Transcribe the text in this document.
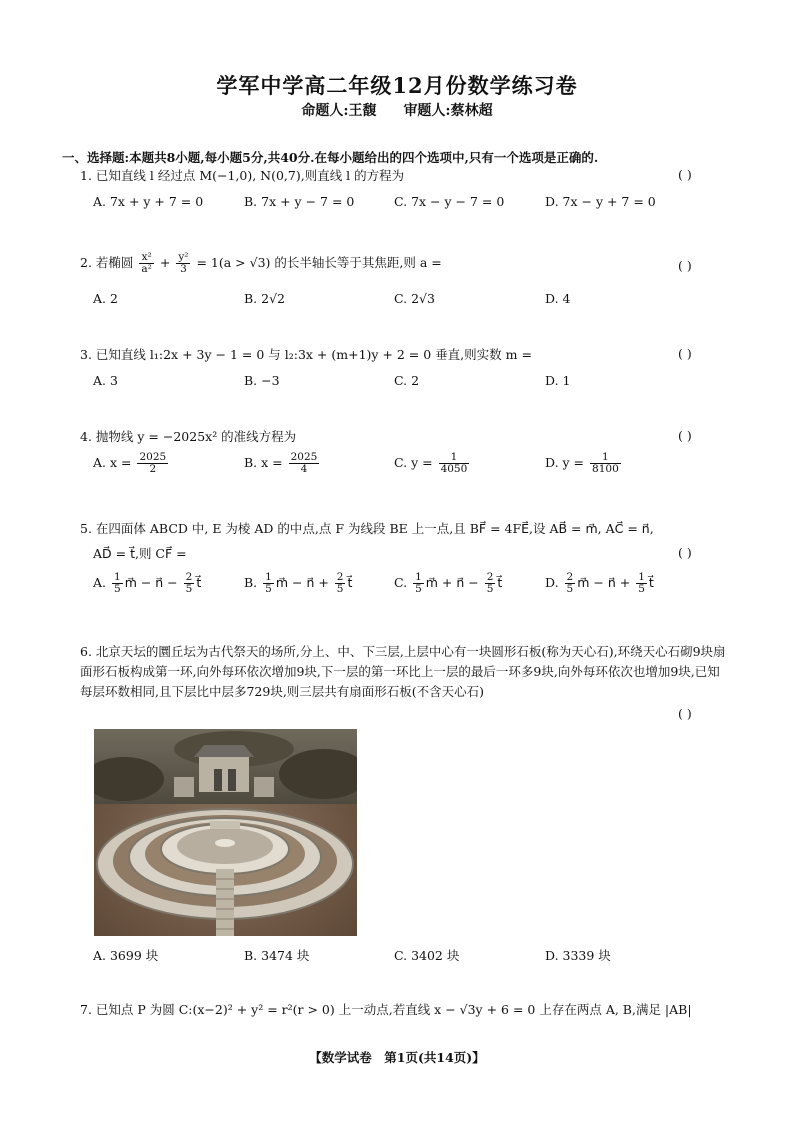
学军中学高二年级12月份数学练习卷
命题人:王馥 审题人:蔡林超
一、选择题:本题共8小题,每小题5分,共40分.在每小题给出的四个选项中,只有一个选项是正确的.
1. 已知直线 l 经过点 M(−1,0), N(0,7),则直线 l 的方程为	( )
A. 7x + y + 7 = 0	B. 7x + y − 7 = 0	C. 7x − y − 7 = 0	D. 7x − y + 7 = 0
2. 若椭圆 $\frac{\text{x²}}{\text{a²}} + \frac{\text{y²}}{3} = 1(a > √3)$ 的长半轴长等于其焦距,则 a =	( )
A. 2	B. 2√2	C. 2√3	D. 4
3. 已知直线 l₁:2x + 3y − 1 = 0 与 l₂:3x + (m+1)y + 2 = 0 垂直,则实数 m =	( )
A. 3	B. −3	C. 2	D. 1
4. 抛物线 y = −2025x² 的准线方程为	( )
A. $x = \frac{2025}{2}$	B. $x = \frac{2025}{4}$	C. $y = \frac{1}{4050}$	D. $y = \frac{1}{8100}$
5. 在四面体 ABCD 中, E 为棱 AD 的中点,点 F 为线段 BE 上一点,且 BF⃗ = 4FE⃗,设 AB⃗ = m⃗, AC⃗ = n⃗,
AD⃗ = t⃗,则 CF⃗ =	( )
A. $\frac{1}{5}$ m⃗ − n⃗ − $\frac{2}{5}$ t⃗	B. $\frac{1}{5}$ m⃗ − n⃗ + $\frac{2}{5}$ t⃗	C. $\frac{1}{5}$ m⃗ + n⃗ − $\frac{2}{5}$ t⃗	D. $\frac{2}{5}$ m⃗ − n⃗ + $\frac{1}{5}$ t⃗
6. 北京天坛的圜丘坛为古代祭天的场所,分上、中、下三层,上层中心有一块圆形石板(称为天心石),环绕天心石砌9块扇面形石板构成第一环,向外每环依次增加9块,下一层的第一环比上一层的最后一环多9块,向外每环依次也增加9块,已知每层环数相同,且下层比中层多729块,则三层共有扇面形石板(不含天心石)
( )
A. 3699 块	B. 3474 块	C. 3402 块	D. 3339 块
7. 已知点 P 为圆 C:(x−2)² + y² = r²(r > 0) 上一动点,若直线 x − √3y + 6 = 0 上存在两点 A, B,满足 |AB|
【数学试卷　第1页(共14页)】
